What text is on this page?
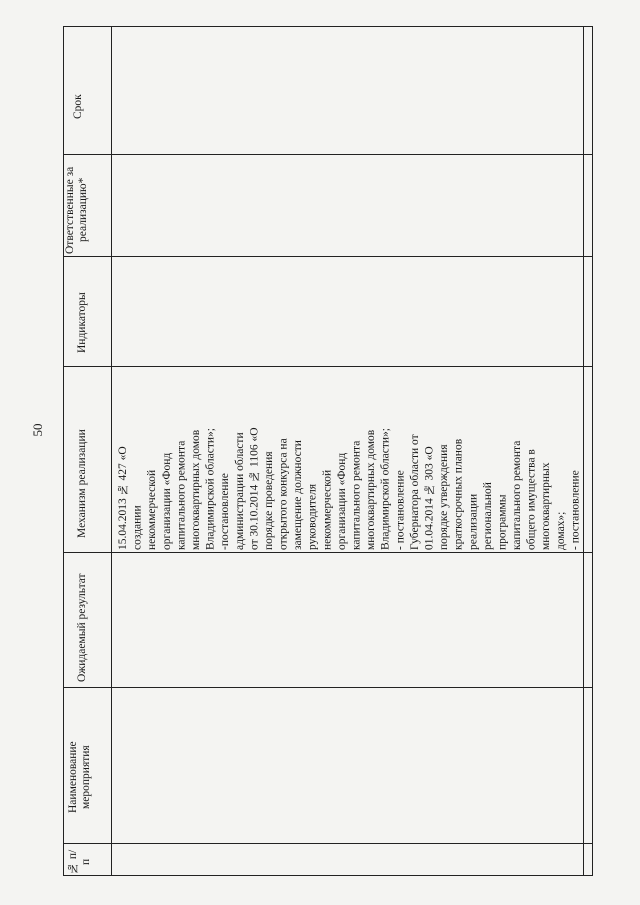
50
Срок
Ответственные за реализацию*
Индикаторы
Механизм реализации
Ожидаемый результат
Наименование мероприятия
№ п/п
15.04.2013 № 427 «О создании некоммерческой организации «Фонд капитального ремонта многоквартирных домов Владимирской области»; -постановление администрации области от 30.10.2014 № 1106 «О порядке проведения открытого конкурса на замещение должности руководителя некоммерческой организации «Фонд капитального ремонта многоквартирных домов Владимирской области»; - постановление Губернатора области от 01.04.2014 № 303 «О порядке утверждения краткосрочных планов реализации региональной программы капитального ремонта общего имущества в многоквартирных домах»; - постановление
